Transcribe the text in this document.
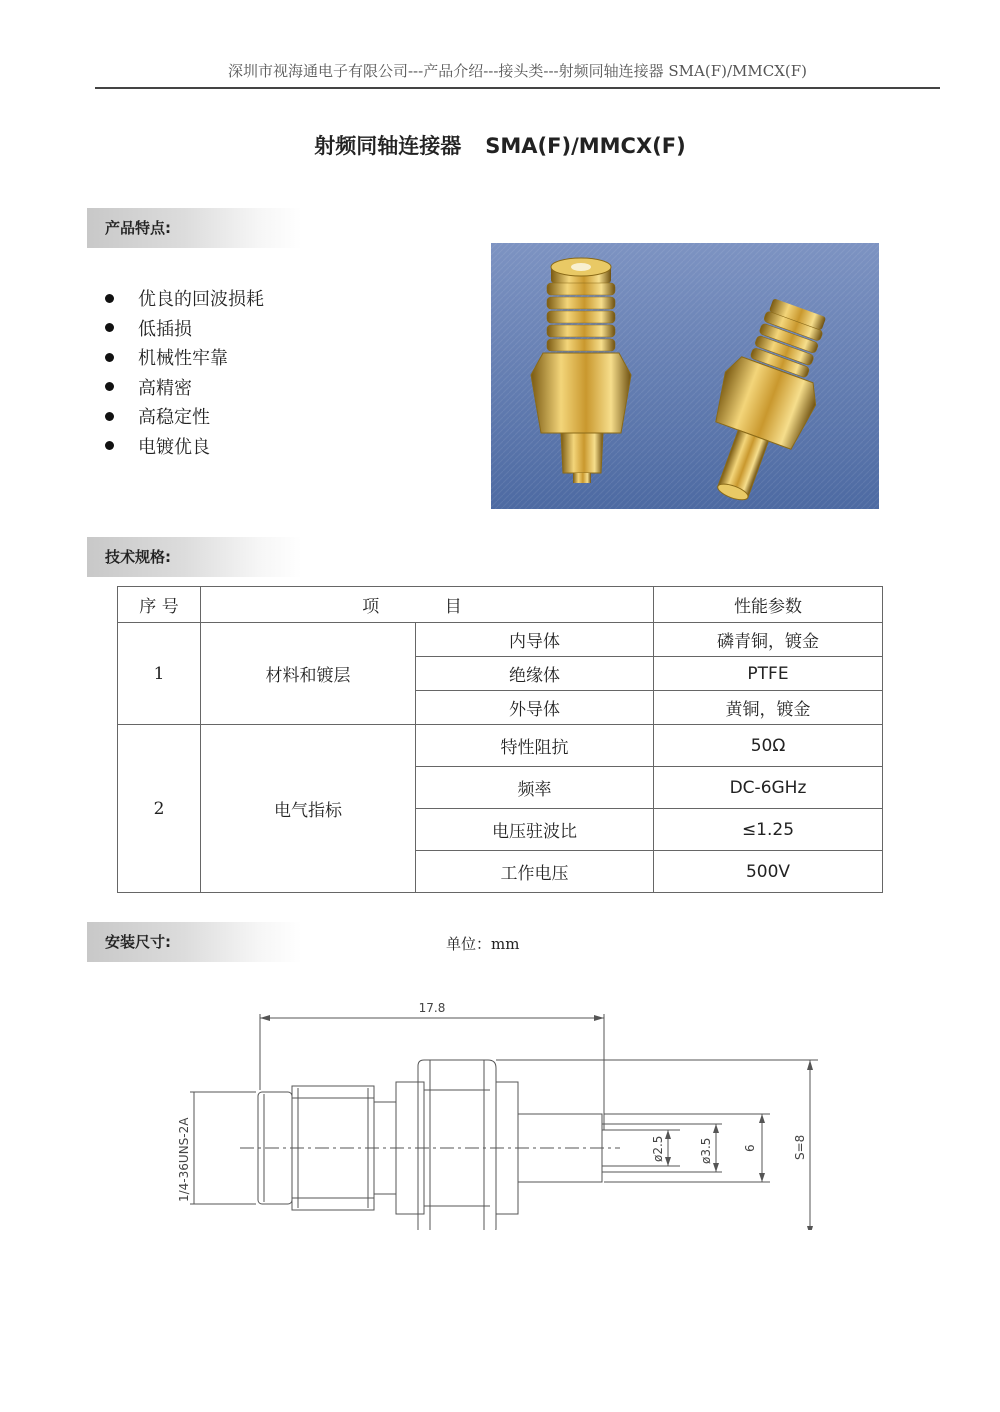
深圳市视海通电子有限公司---产品介绍---接头类---射频同轴连接器 SMA(F)/MMCX(F)
射频同轴连接器 SMA(F)/MMCX(F)
产品特点:
优良的回波损耗
低插损
机械性牢靠
高精密
高稳定性
电镀优良
技术规格:
序 号	项 目		性能参数
1	材料和镀层	内导体	磷青铜，镀金
		绝缘体	PTFE
		外导体	黄铜，镀金
2	电气指标	特性阻抗	50Ω
		频率	DC-6GHz
		电压驻波比	≤1.25
		工作电压	500V
安装尺寸:	单位：mm
17.8
1/4-36UNS-2A	ø2.5	ø3.5	6	S=8
